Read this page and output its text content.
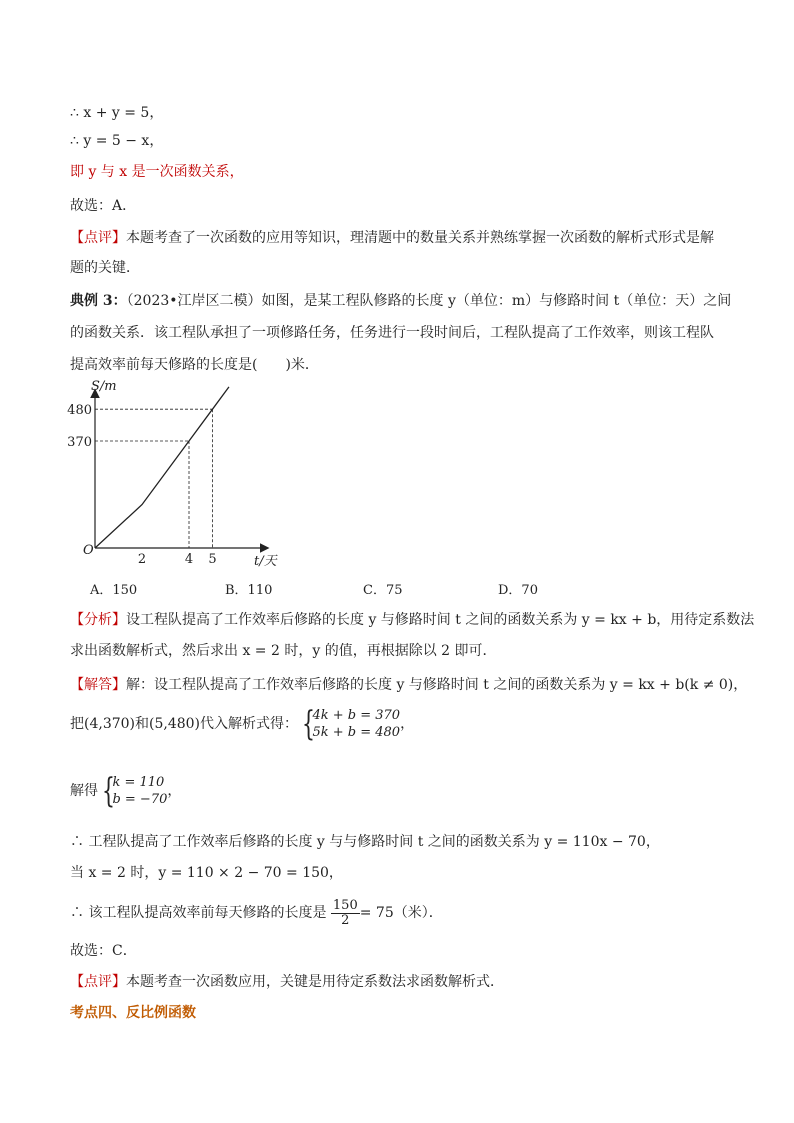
∴ x + y = 5，
∴ y = 5 − x，
即 y 与 x 是一次函数关系，
故选：A．
【点评】本题考查了一次函数的应用等知识，理清题中的数量关系并熟练掌握一次函数的解析式形式是解
题的关键．
典例 3：（2023•江岸区二模）如图，是某工程队修路的长度 y（单位：m）与修路时间 t（单位：天）之间
的函数关系．该工程队承担了一项修路任务，任务进行一段时间后，工程队提高了工作效率，则该工程队
提高效率前每天修路的长度是(　　)米．
370
480
2	4 5
O
S/m
t/天
A．150	B．110	C．75	D．70
【分析】设工程队提高了工作效率后修路的长度 y 与修路时间 t 之间的函数关系为 y = kx + b，用待定系数法
求出函数解析式，然后求出 x = 2 时，y 的值，再根据除以 2 即可．
【解答】解：设工程队提高了工作效率后修路的长度 y 与修路时间 t 之间的函数关系为 y = kx + b(k ≠ 0)，
把(4,370)和(5,480)代入解析式得： {
4k + b = 370
5k + b = 480
，
解得 {
k = 110
b = −70
，
∴ 工程队提高了工作效率后修路的长度 y 与与修路时间 t 之间的函数关系为 y = 110x − 70，
当 x = 2 时，y = 110 × 2 − 70 = 150，
∴ 该工程队提高效率前每天修路的长度是 $\frac{150}{2} = 75$（米）．
故选：C．
【点评】本题考查一次函数应用，关键是用待定系数法求函数解析式．
考点四、反比例函数
